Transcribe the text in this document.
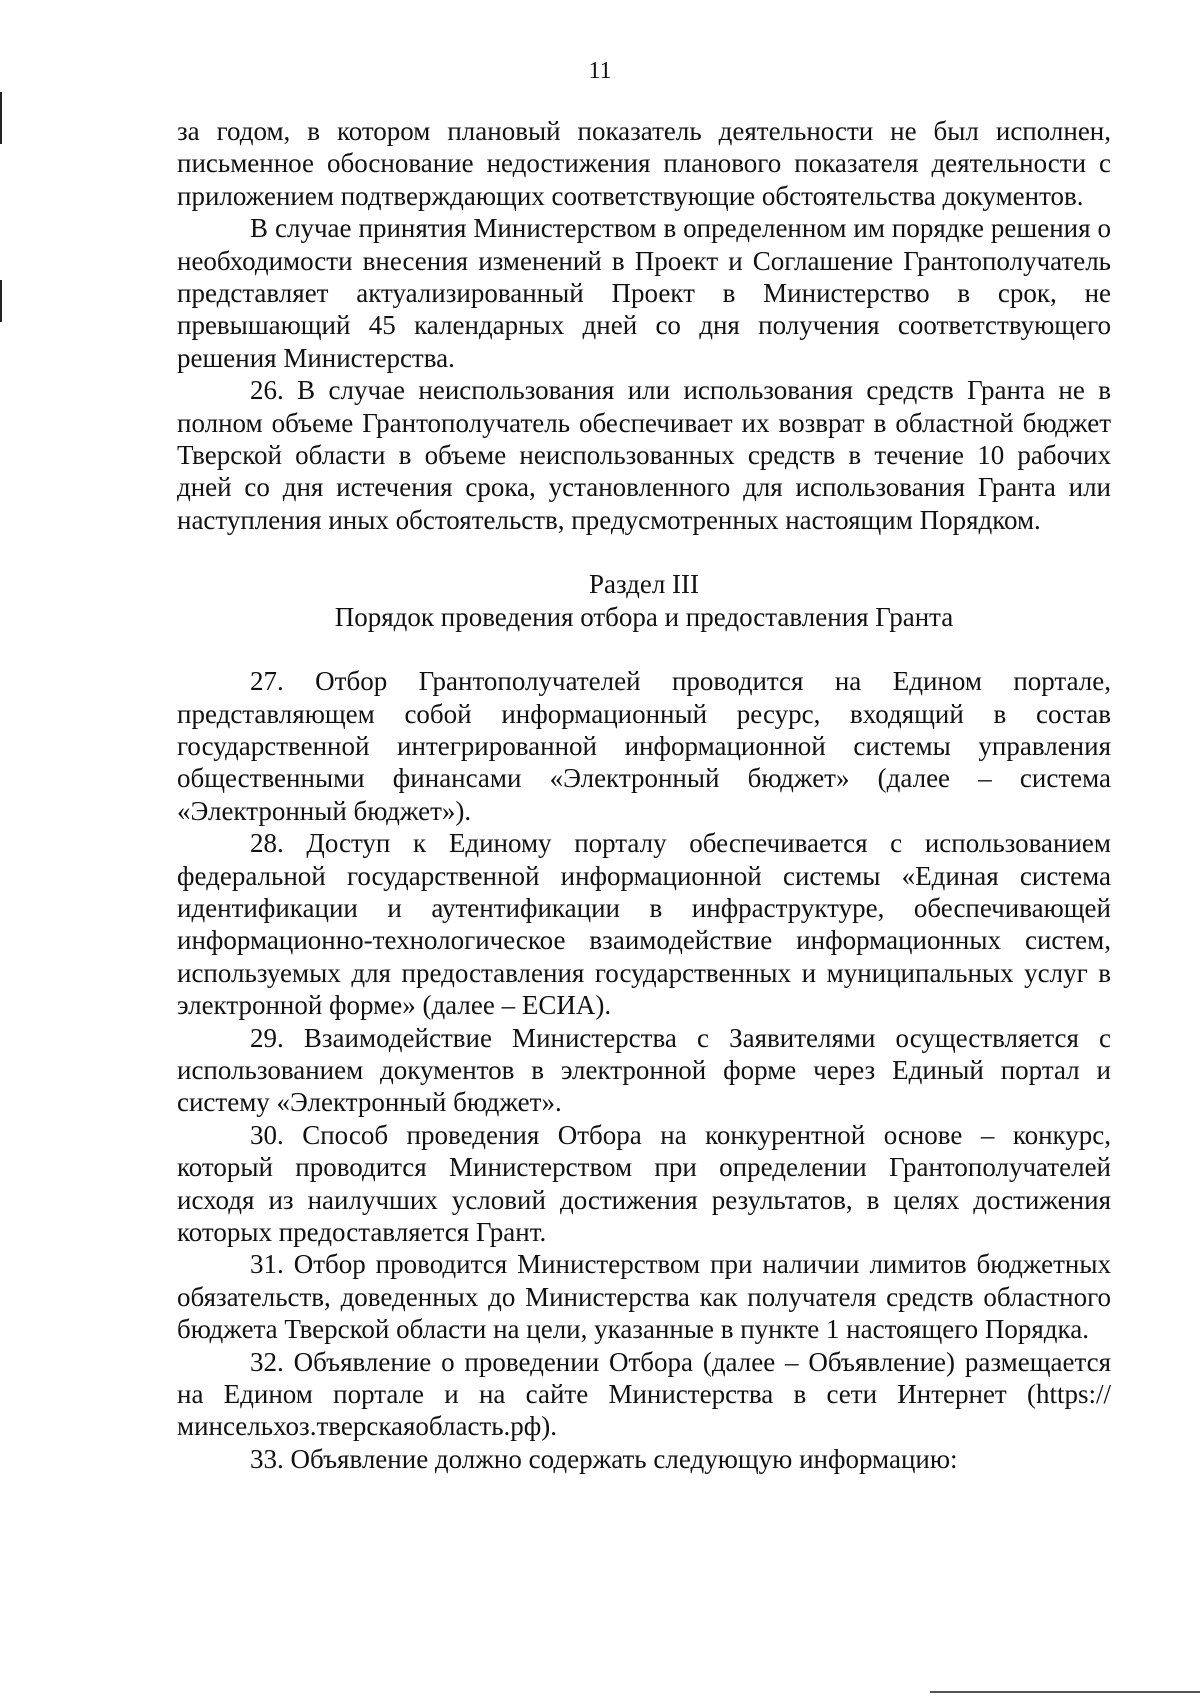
11

за годом, в котором плановый показатель деятельности не был исполнен, письменное обоснование недостижения планового показателя деятельности с приложением подтверждающих соответствующие обстоятельства документов.

В случае принятия Министерством в определенном им порядке решения о необходимости внесения изменений в Проект и Соглашение Грантополучатель представляет актуализированный Проект в Министерство в срок, не превышающий 45 календарных дней со дня получения соответствующего решения Министерства.

26. В случае неиспользования или использования средств Гранта не в полном объеме Грантополучатель обеспечивает их возврат в областной бюджет Тверской области в объеме неиспользованных средств в течение 10 рабочих дней со дня истечения срока, установленного для использования Гранта или наступления иных обстоятельств, предусмотренных настоящим Порядком.

Раздел III

Порядок проведения отбора и предоставления Гранта

27. Отбор Грантополучателей проводится на Едином портале, представляющем собой информационный ресурс, входящий в состав государственной интегрированной информационной системы управления общественными финансами «Электронный бюджет» (далее – система «Электронный бюджет»).

28. Доступ к Единому порталу обеспечивается с использованием федеральной государственной информационной системы «Единая система идентификации и аутентификации в инфраструктуре, обеспечивающей информационно-технологическое взаимодействие информационных систем, используемых для предоставления государственных и муниципальных услуг в электронной форме» (далее – ЕСИА).

29. Взаимодействие Министерства с Заявителями осуществляется с использованием документов в электронной форме через Единый портал и систему «Электронный бюджет».

30. Способ проведения Отбора на конкурентной основе – конкурс, который проводится Министерством при определении Грантополучателей исходя из наилучших условий достижения результатов, в целях достижения которых предоставляется Грант.

31. Отбор проводится Министерством при наличии лимитов бюджетных обязательств, доведенных до Министерства как получателя средств областного бюджета Тверской области на цели, указанные в пункте 1 настоящего Порядка.

32. Объявление о проведении Отбора (далее – Объявление) размещается на Едином портале и на сайте Министерства в сети Интернет (https://минсельхоз.тверскаяобласть.рф).

33. Объявление должно содержать следующую информацию:
